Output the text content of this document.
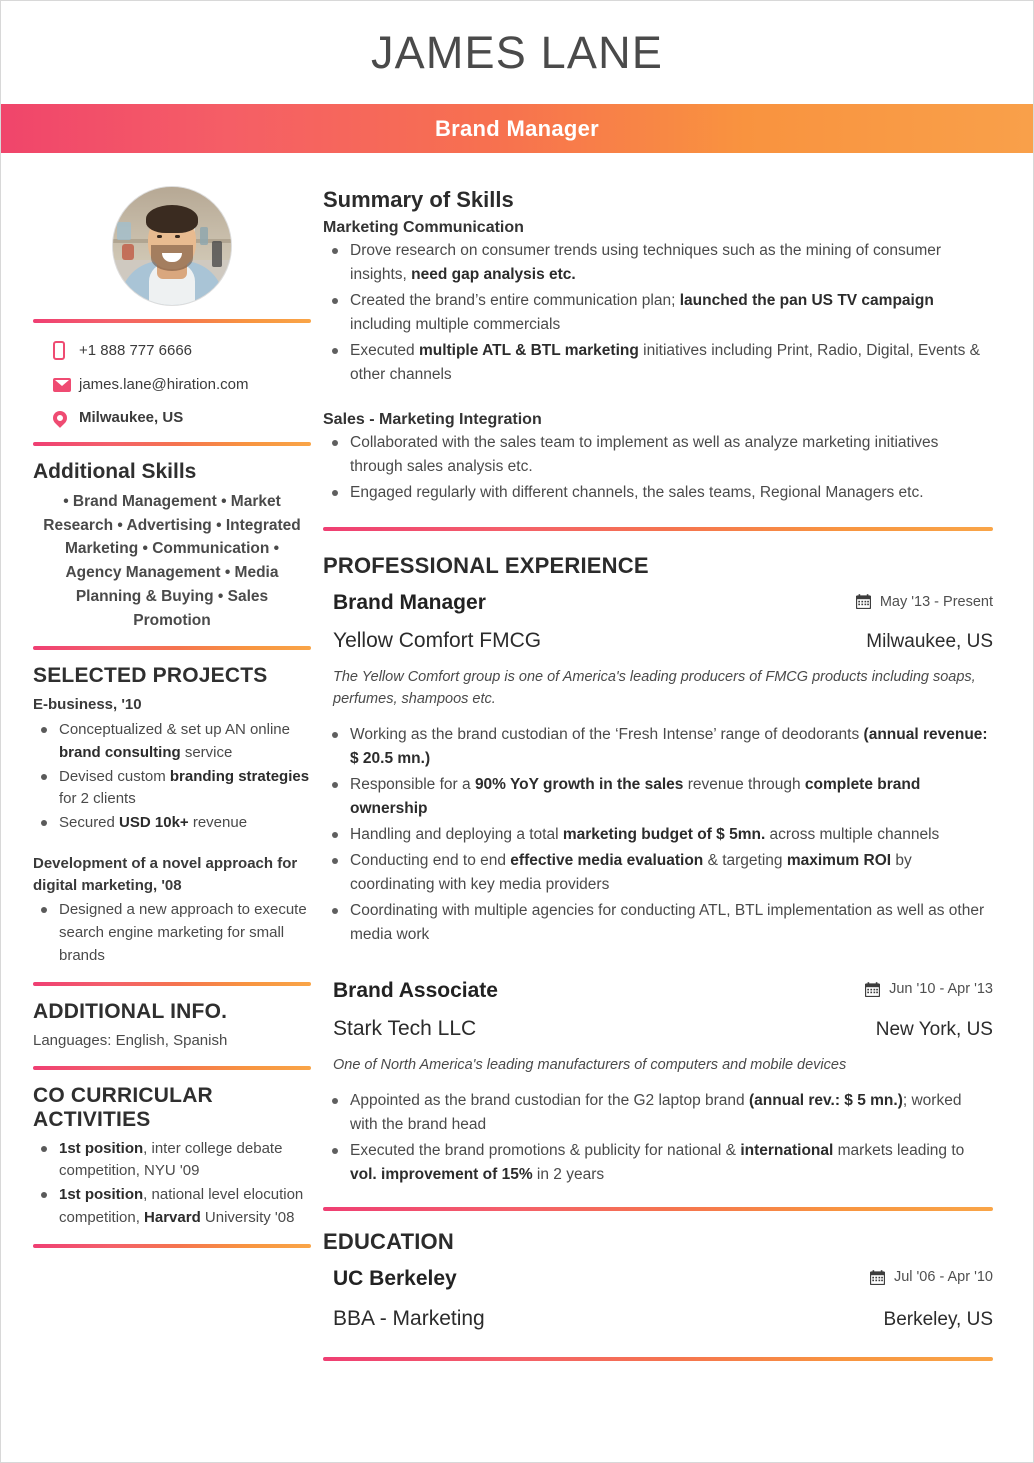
JAMES LANE
Brand Manager
+1 888 777 6666
james.lane@hiration.com
Milwaukee, US
Additional Skills
• Brand Management • Market Research • Advertising • Integrated Marketing • Communication • Agency Management • Media Planning & Buying • Sales Promotion
SELECTED PROJECTS
E-business, '10
Conceptualized & set up AN online brand consulting service
Devised custom branding strategies for 2 clients
Secured USD 10k+ revenue
Development of a novel approach for digital marketing, '08
Designed a new approach to execute search engine marketing for small brands
ADDITIONAL INFO.
Languages: English, Spanish
CO CURRICULAR ACTIVITIES
1st position, inter college debate competition, NYU '09
1st position, national level elocution competition, Harvard University '08
Summary of Skills
Marketing Communication
Drove research on consumer trends using techniques such as the mining of consumer insights, need gap analysis etc.
Created the brand’s entire communication plan; launched the pan US TV campaign including multiple commercials
Executed multiple ATL & BTL marketing initiatives including Print, Radio, Digital, Events & other channels
Sales - Marketing Integration
Collaborated with the sales team to implement as well as analyze marketing initiatives through sales analysis etc.
Engaged regularly with different channels, the sales teams, Regional Managers etc.
PROFESSIONAL EXPERIENCE
Brand Manager	May '13 - Present
Yellow Comfort FMCG	Milwaukee, US
The Yellow Comfort group is one of America's leading producers of FMCG products including soaps, perfumes, shampoos etc.
Working as the brand custodian of the ‘Fresh Intense’ range of deodorants (annual revenue: $ 20.5 mn.)
Responsible for a 90% YoY growth in the sales revenue through complete brand ownership
Handling and deploying a total marketing budget of $ 5mn. across multiple channels
Conducting end to end effective media evaluation & targeting maximum ROI by coordinating with key media providers
Coordinating with multiple agencies for conducting ATL, BTL implementation as well as other media work
Brand Associate	Jun '10 - Apr '13
Stark Tech LLC	New York, US
One of North America's leading manufacturers of computers and mobile devices
Appointed as the brand custodian for the G2 laptop brand (annual rev.: $ 5 mn.); worked with the brand head
Executed the brand promotions & publicity for national & international markets leading to vol. improvement of 15% in 2 years
EDUCATION
UC Berkeley	Jul '06 - Apr '10
BBA - Marketing	Berkeley, US
